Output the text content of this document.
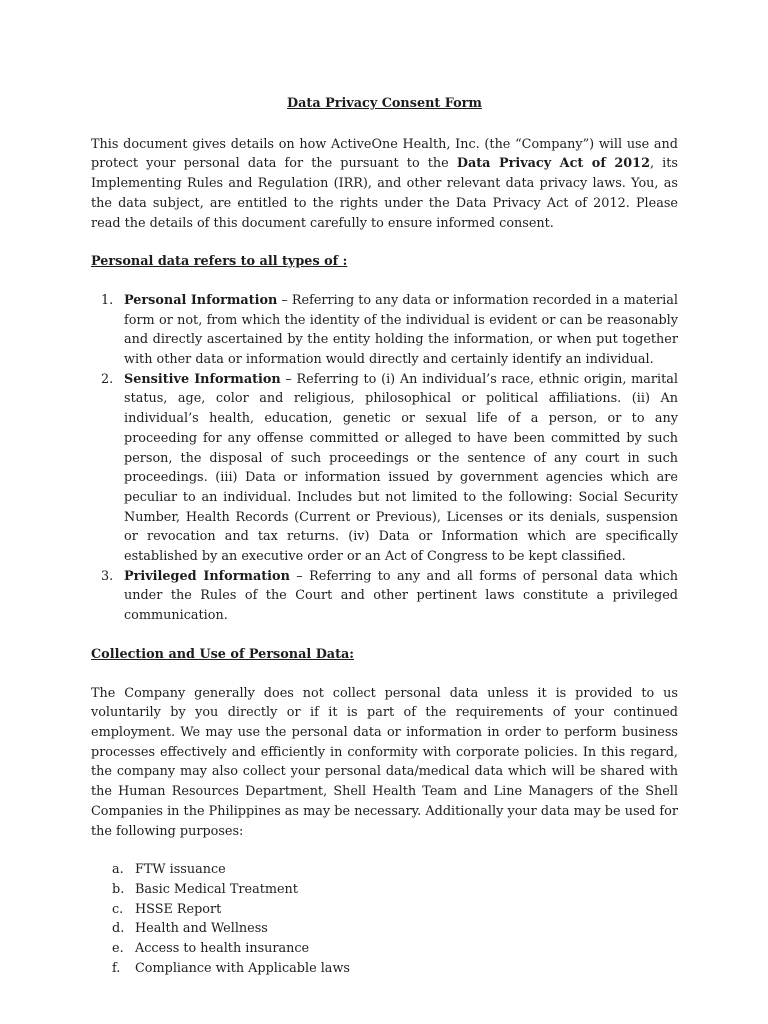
Data Privacy Consent Form

This document gives details on how ActiveOne Health, Inc. (the “Company”) will use and protect your personal data for the pursuant to the Data Privacy Act of 2012, its Implementing Rules and Regulation (IRR), and other relevant data privacy laws. You, as the data subject, are entitled to the rights under the Data Privacy Act of 2012. Please read the details of this document carefully to ensure informed consent.

Personal data refers to all types of :
1. Personal Information – Referring to any data or information recorded in a material form or not, from which the identity of the individual is evident or can be reasonably and directly ascertained by the entity holding the information, or when put together with other data or information would directly and certainly identify an individual.
2. Sensitive Information – Referring to (i) An individual’s race, ethnic origin, marital status, age, color and religious, philosophical or political affiliations. (ii) An individual’s health, education, genetic or sexual life of a person, or to any proceeding for any offense committed or alleged to have been committed by such person, the disposal of such proceedings or the sentence of any court in such proceedings. (iii) Data or information issued by government agencies which are peculiar to an individual. Includes but not limited to the following: Social Security Number, Health Records (Current or Previous), Licenses or its denials, suspension or revocation and tax returns. (iv) Data or Information which are specifically established by an executive order or an Act of Congress to be kept classified.
3. Privileged Information – Referring to any and all forms of personal data which under the Rules of the Court and other pertinent laws constitute a privileged communication.
Collection and Use of Personal Data:

The Company generally does not collect personal data unless it is provided to us voluntarily by you directly or if it is part of the requirements of your continued employment. We may use the personal data or information in order to perform business processes effectively and efficiently in conformity with corporate policies. In this regard, the company may also collect your personal data/medical data which will be shared with the Human Resources Department, Shell Health Team and Line Managers of the Shell Companies in the Philippines as may be necessary. Additionally your data may be used for the following purposes:

a. FTW issuance
b. Basic Medical Treatment
c. HSSE Report
d. Health and Wellness
e. Access to health insurance
f. Compliance with Applicable laws
